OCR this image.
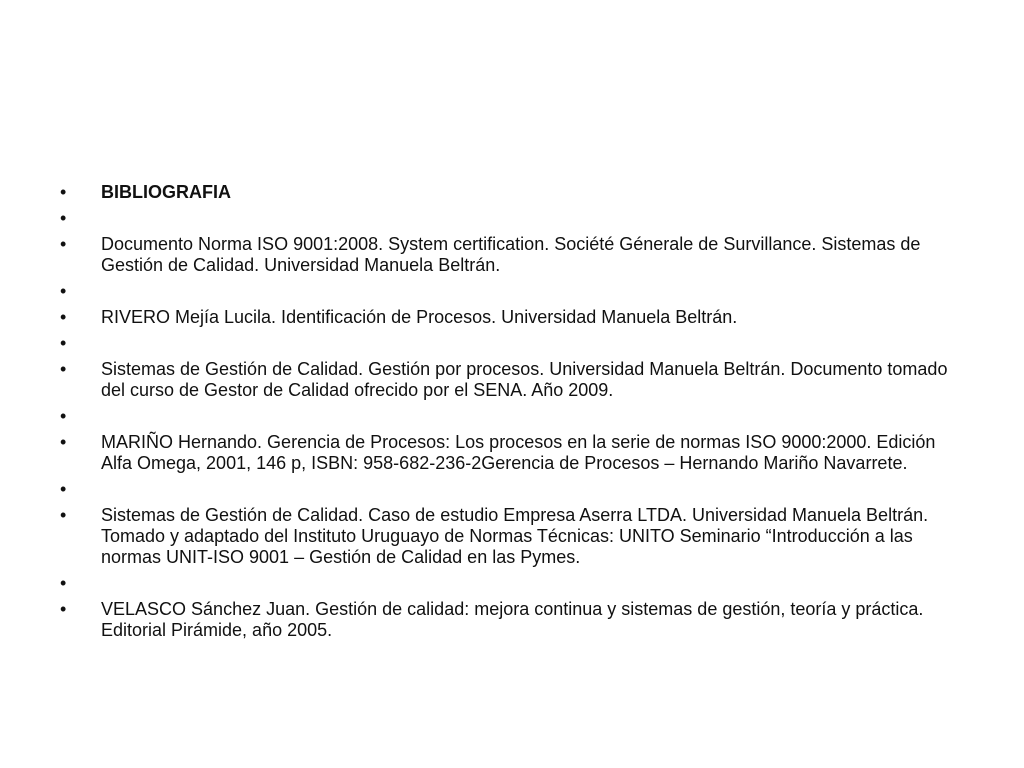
•	BIBLIOGRAFIA
•
•	Documento Norma ISO 9001:2008. System certification. Société Génerale de Survillance. Sistemas de Gestión de Calidad. Universidad Manuela Beltrán.
•
•	RIVERO Mejía Lucila. Identificación de Procesos. Universidad Manuela Beltrán.
•
•	Sistemas de Gestión de Calidad. Gestión por procesos. Universidad Manuela Beltrán. Documento tomado del curso de Gestor de Calidad ofrecido por el SENA. Año 2009.
•
•	MARIÑO Hernando. Gerencia de Procesos: Los procesos en la serie de normas ISO 9000:2000. Edición Alfa Omega, 2001, 146 p, ISBN: 958-682-236-2Gerencia de Procesos – Hernando Mariño Navarrete.
•
•	Sistemas de Gestión de Calidad. Caso de estudio Empresa Aserra LTDA. Universidad Manuela Beltrán. Tomado y adaptado del Instituto Uruguayo de Normas Técnicas: UNITO Seminario “Introducción a las normas UNIT-ISO 9001 – Gestión de Calidad en las Pymes.
•
•	VELASCO Sánchez Juan. Gestión de calidad: mejora continua y sistemas de gestión, teoría y práctica. Editorial Pirámide, año 2005.
